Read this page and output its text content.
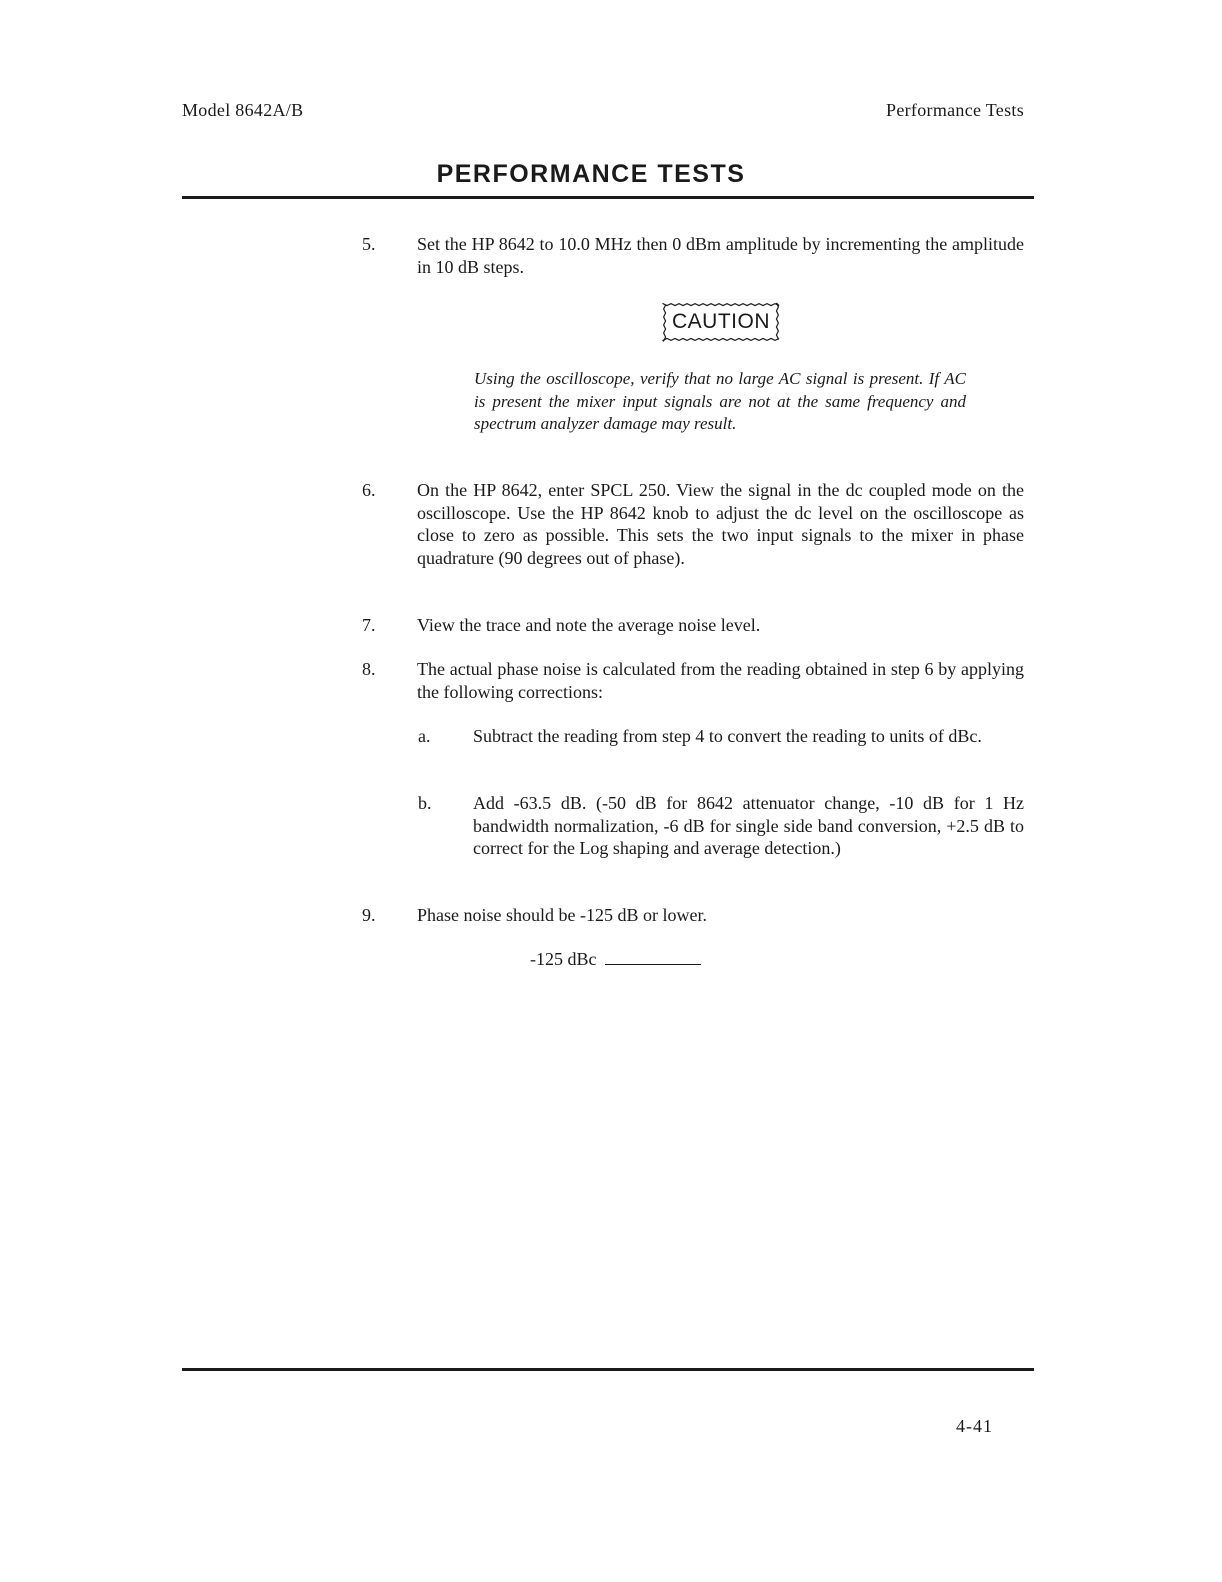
Model 8642A/B	Performance Tests
PERFORMANCE TESTS
5. Set the HP 8642 to 10.0 MHz then 0 dBm amplitude by incrementing the amplitude in 10 dB steps.
CAUTION
Using the oscilloscope, verify that no large AC signal is present. If AC is present the mixer input signals are not at the same frequency and spectrum analyzer damage may result.
6. On the HP 8642, enter SPCL 250. View the signal in the dc coupled mode on the oscilloscope. Use the HP 8642 knob to adjust the dc level on the oscilloscope as close to zero as possible. This sets the two input signals to the mixer in phase quadrature (90 degrees out of phase).
7. View the trace and note the average noise level.
8. The actual phase noise is calculated from the reading obtained in step 6 by applying the following corrections:
a. Subtract the reading from step 4 to convert the reading to units of dBc.
b. Add -63.5 dB. (-50 dB for 8642 attenuator change, -10 dB for 1 Hz bandwidth normalization, -6 dB for single side band conversion, +2.5 dB to correct for the Log shaping and average detection.)
9. Phase noise should be -125 dB or lower.
-125 dBc
4-41
